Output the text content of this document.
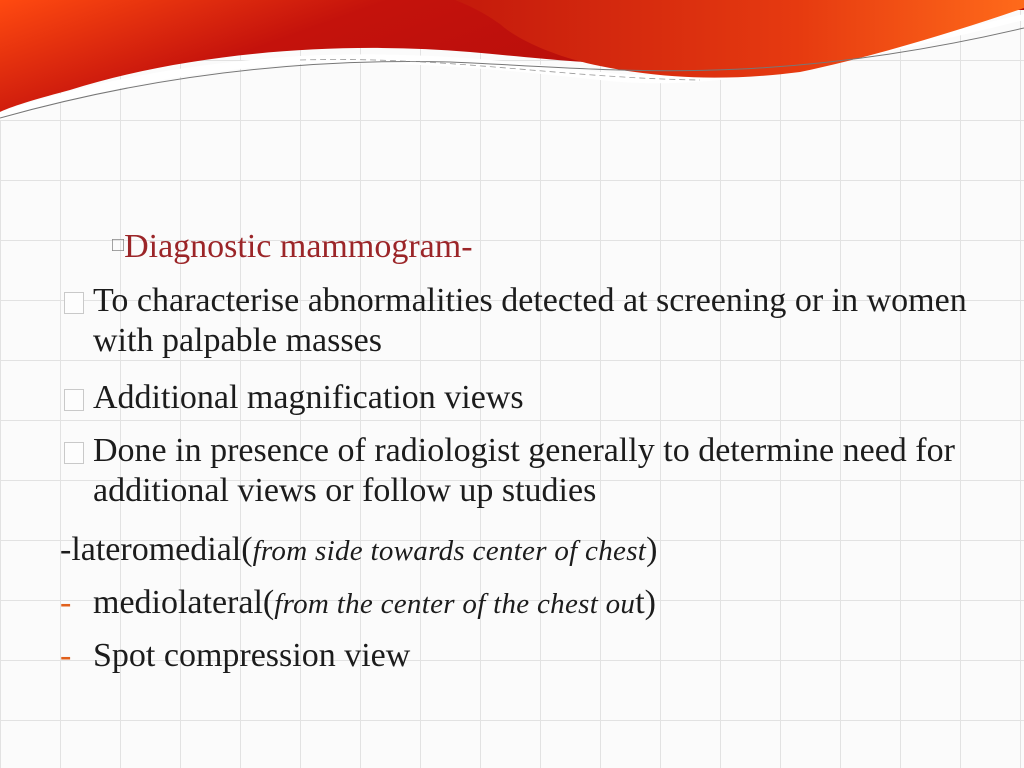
□Diagnostic mammogram-
To characterise abnormalities detected at screening or in women with palpable masses
Additional magnification views
Done in presence of radiologist generally to determine need for additional views or follow up studies
-lateromedial(from side towards center of chest)
- mediolateral(from the center of the chest out)
- Spot compression view
